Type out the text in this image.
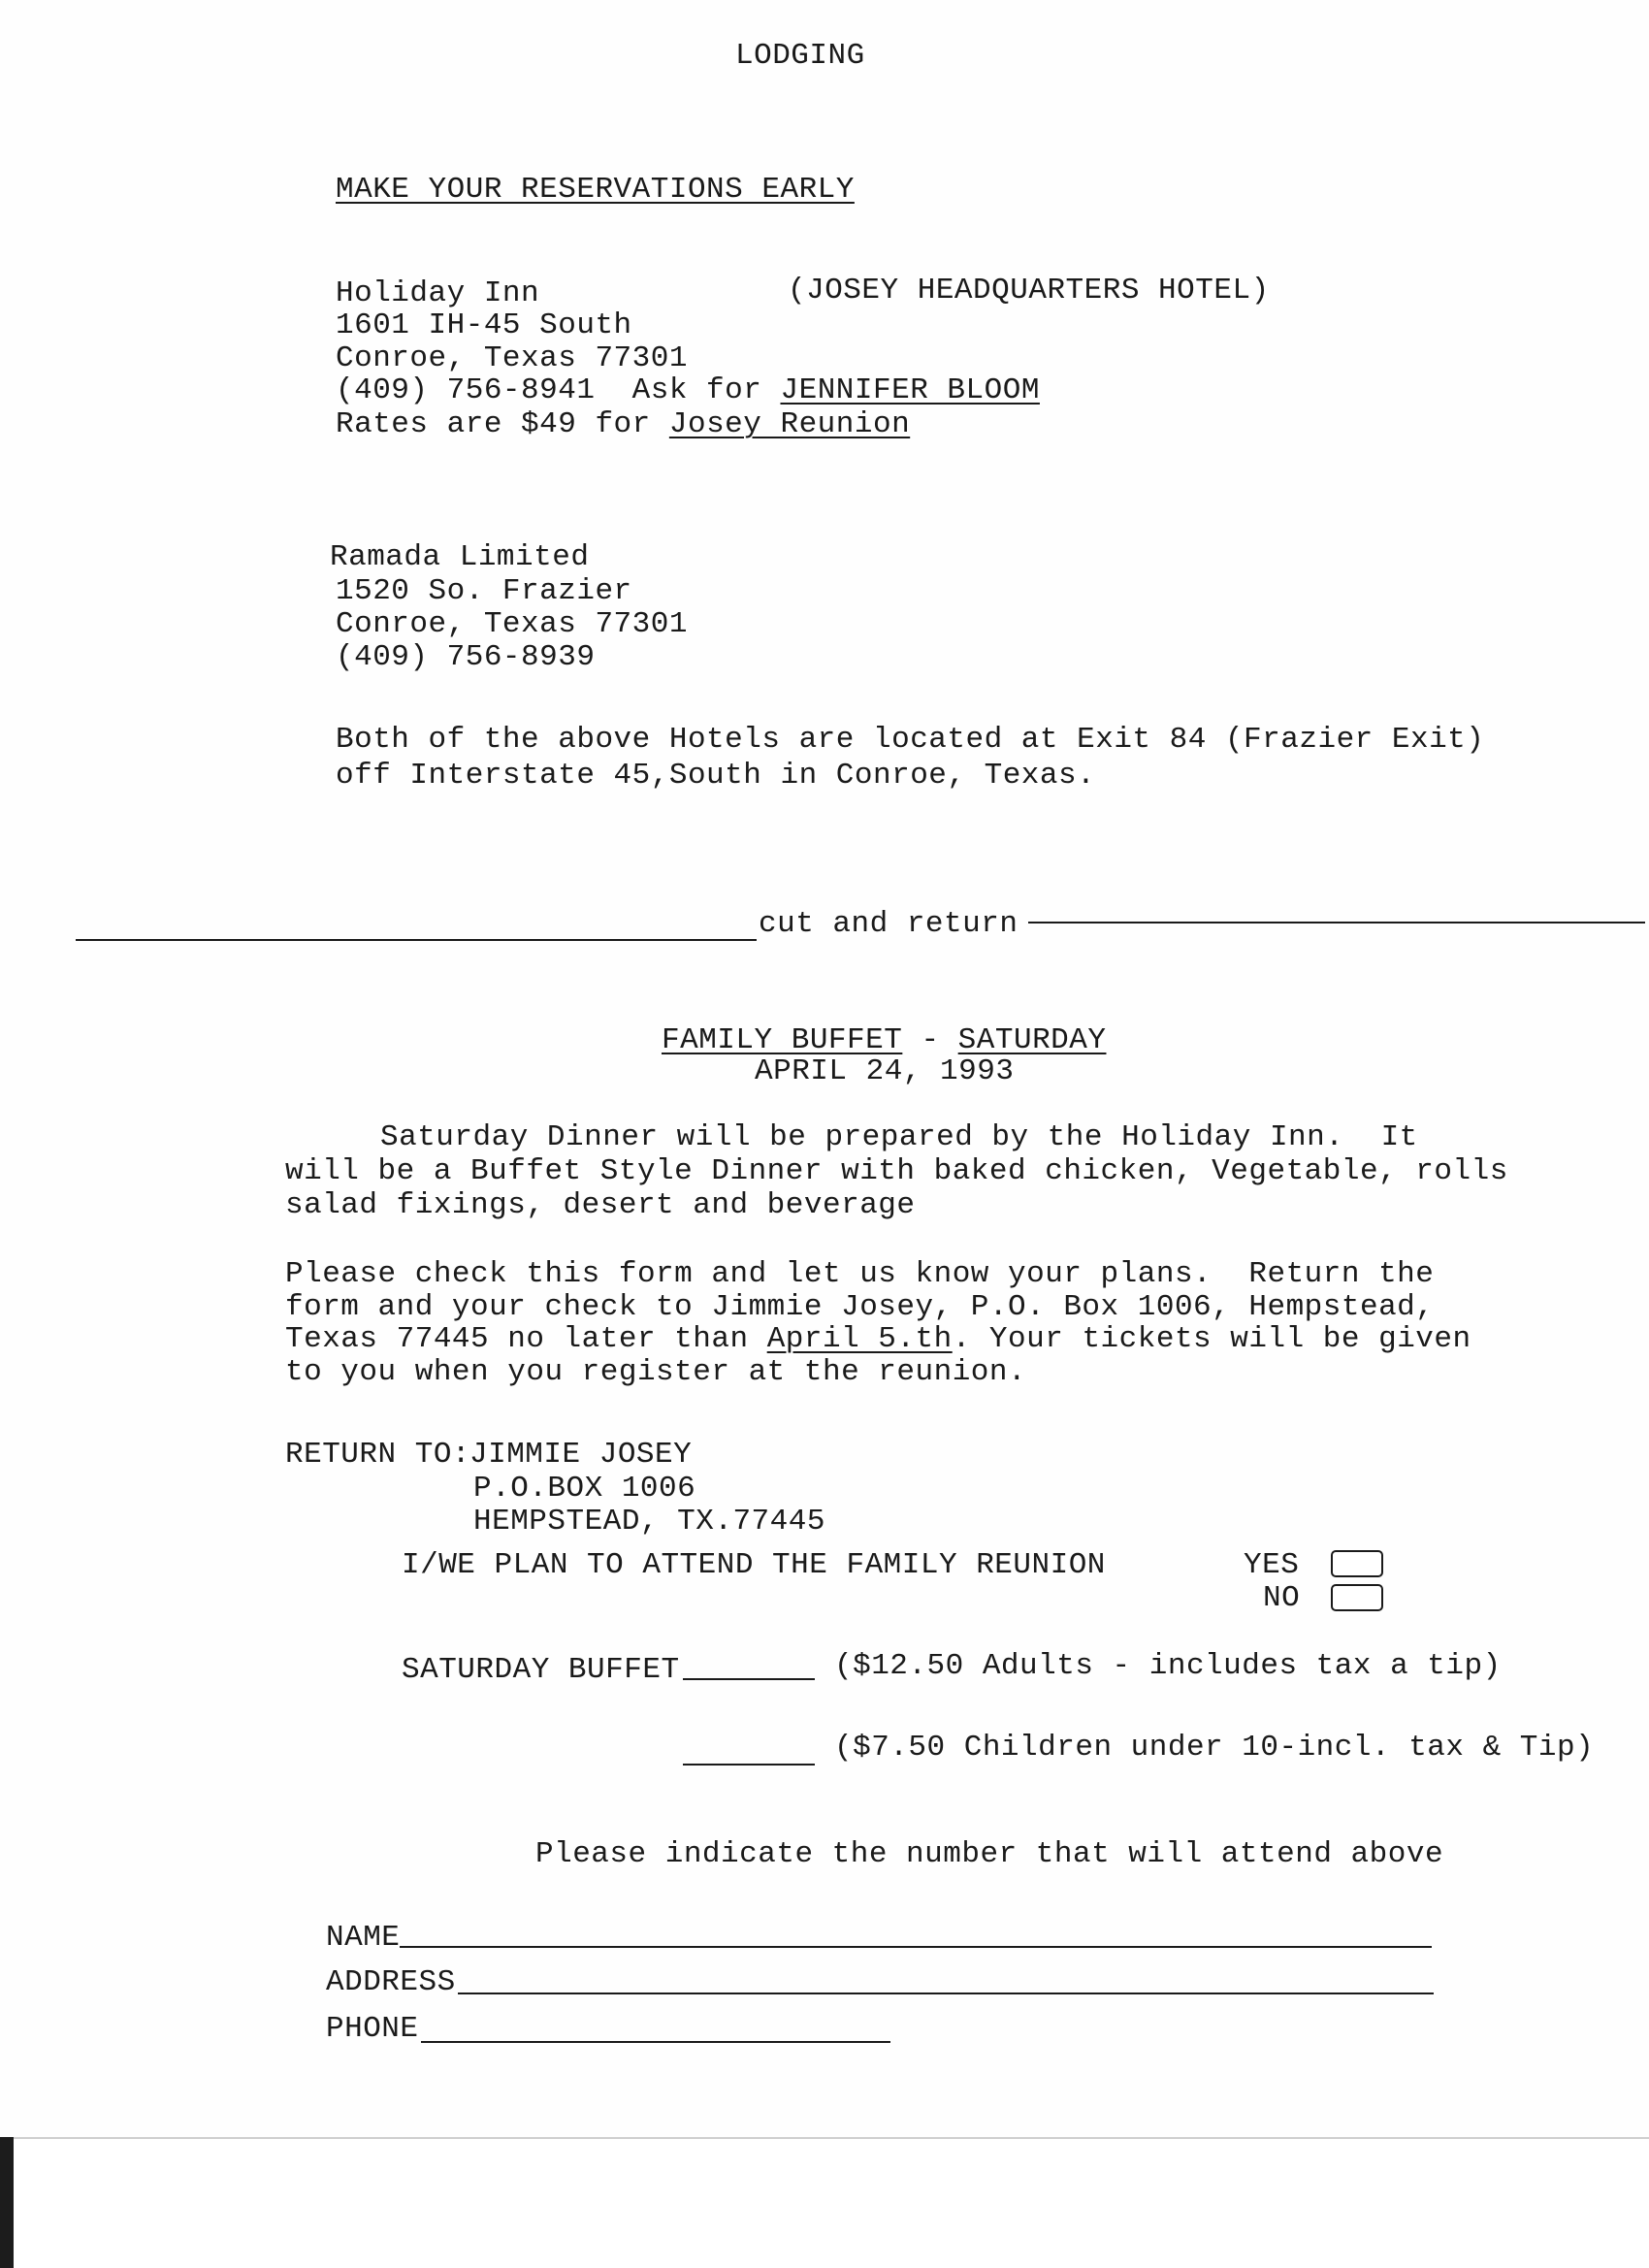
LODGING
MAKE YOUR RESERVATIONS EARLY
Holiday Inn	(JOSEY HEADQUARTERS HOTEL)
1601 IH-45 South
Conroe, Texas 77301
(409) 756-8941  Ask for JENNIFER BLOOM
Rates are $49 for Josey Reunion
Ramada Limited
1520 So. Frazier
Conroe, Texas 77301
(409) 756-8939
Both of the above Hotels are located at Exit 84 (Frazier Exit)
off Interstate 45,South in Conroe, Texas.
cut and return
FAMILY BUFFET - SATURDAY
APRIL 24, 1993
Saturday Dinner will be prepared by the Holiday Inn.  It
will be a Buffet Style Dinner with baked chicken, Vegetable, rolls
salad fixings, desert and beverage
Please check this form and let us know your plans.  Return the
form and your check to Jimmie Josey, P.O. Box 1006, Hempstead,
Texas 77445 no later than April 5.th. Your tickets will be given
to you when you register at the reunion.
RETURN TO:
JIMMIE JOSEY
P.O.BOX 1006
HEMPSTEAD, TX.77445
I/WE PLAN TO ATTEND THE FAMILY REUNION	YES
NO
SATURDAY BUFFET	($12.50 Adults - includes tax a tip)
($7.50 Children under 10-incl. tax & Tip)
Please indicate the number that will attend above
NAME
ADDRESS
PHONE
